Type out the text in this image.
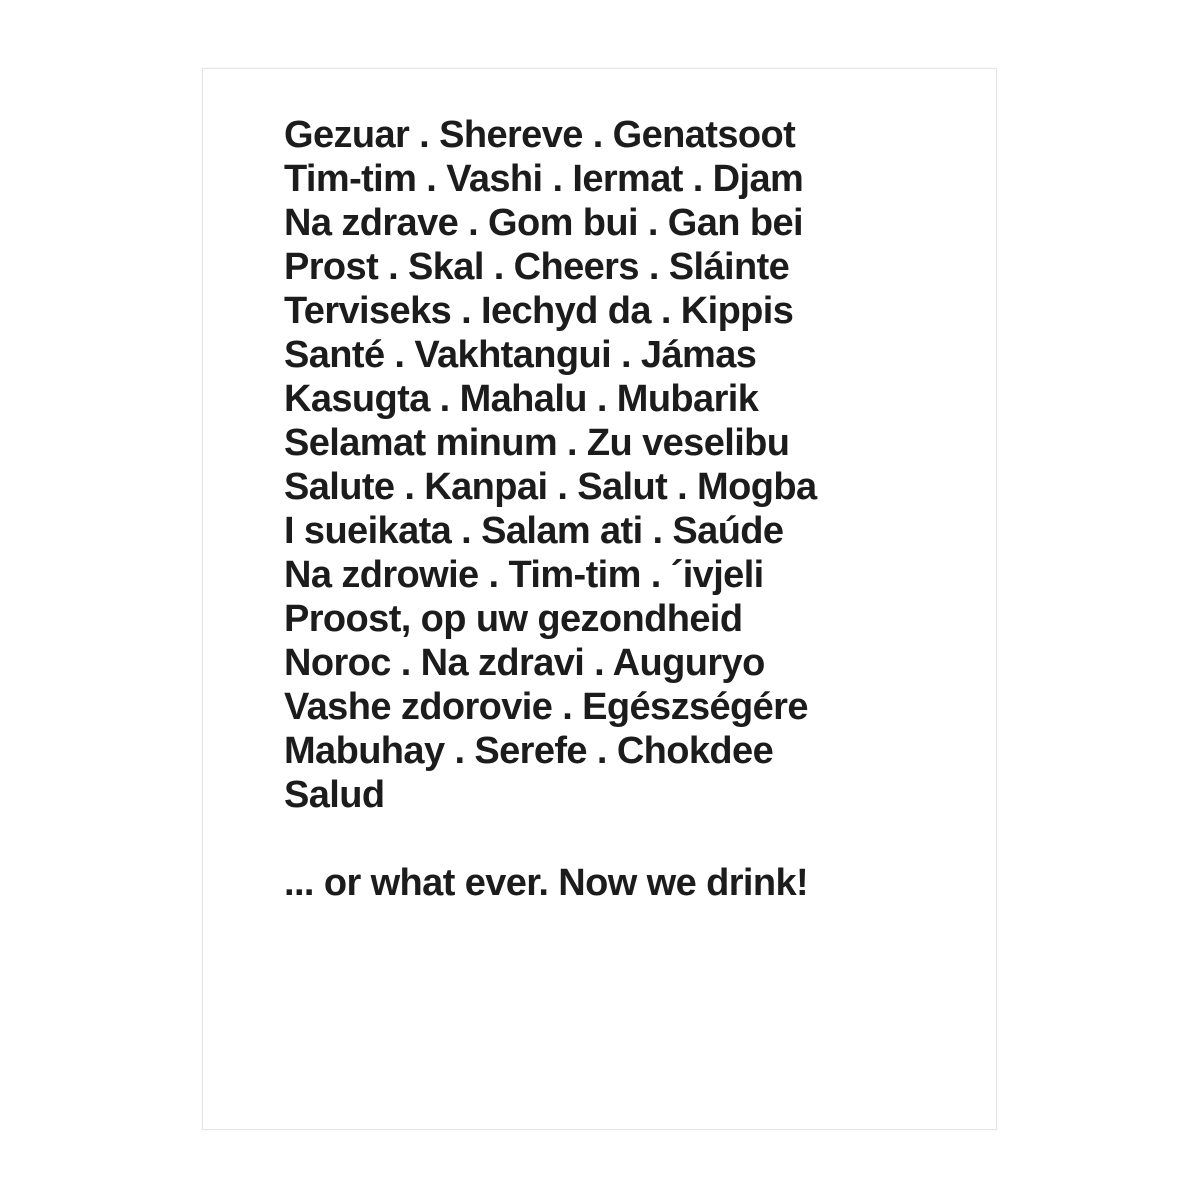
Gezuar . Shereve . Genatsoot
Tim-tim . Vashi . Iermat . Djam
Na zdrave . Gom bui . Gan bei
Prost . Skal . Cheers . Sláinte
Terviseks . Iechyd da . Kippis
Santé . Vakhtangui . Jámas
Kasugta . Mahalu . Mubarik
Selamat minum . Zu veselibu
Salute . Kanpai . Salut . Mogba
I sueikata . Salam ati . Saúde
Na zdrowie . Tim-tim . ´ivjeli
Proost, op uw gezondheid
Noroc . Na zdravi . Auguryo
Vashe zdorovie . Egészségére
Mabuhay . Serefe . Chokdee
Salud
... or what ever. Now we drink!
